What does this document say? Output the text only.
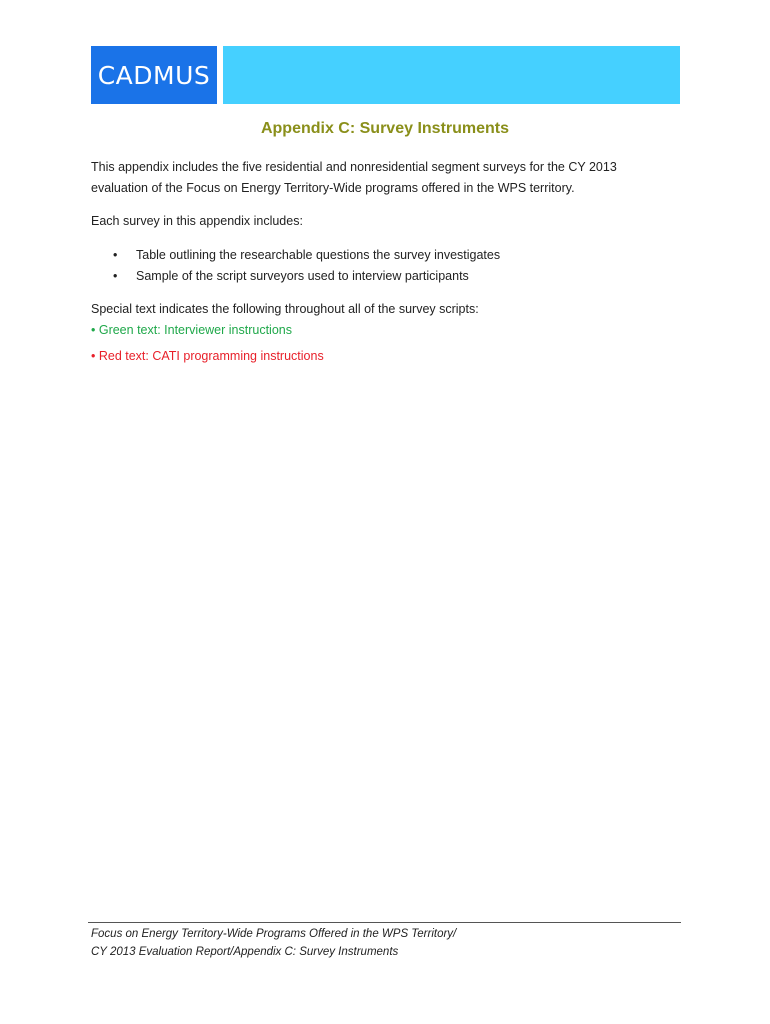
CADMUS
Appendix C: Survey Instruments
This appendix includes the five residential and nonresidential segment surveys for the CY 2013 evaluation of the Focus on Energy Territory-Wide programs offered in the WPS territory.
Each survey in this appendix includes:
• Table outlining the researchable questions the survey investigates
• Sample of the script surveyors used to interview participants
Special text indicates the following throughout all of the survey scripts:
• Green text: Interviewer instructions
• Red text: CATI programming instructions
Focus on Energy Territory-Wide Programs Offered in the WPS Territory/
CY 2013 Evaluation Report/Appendix C: Survey Instruments
